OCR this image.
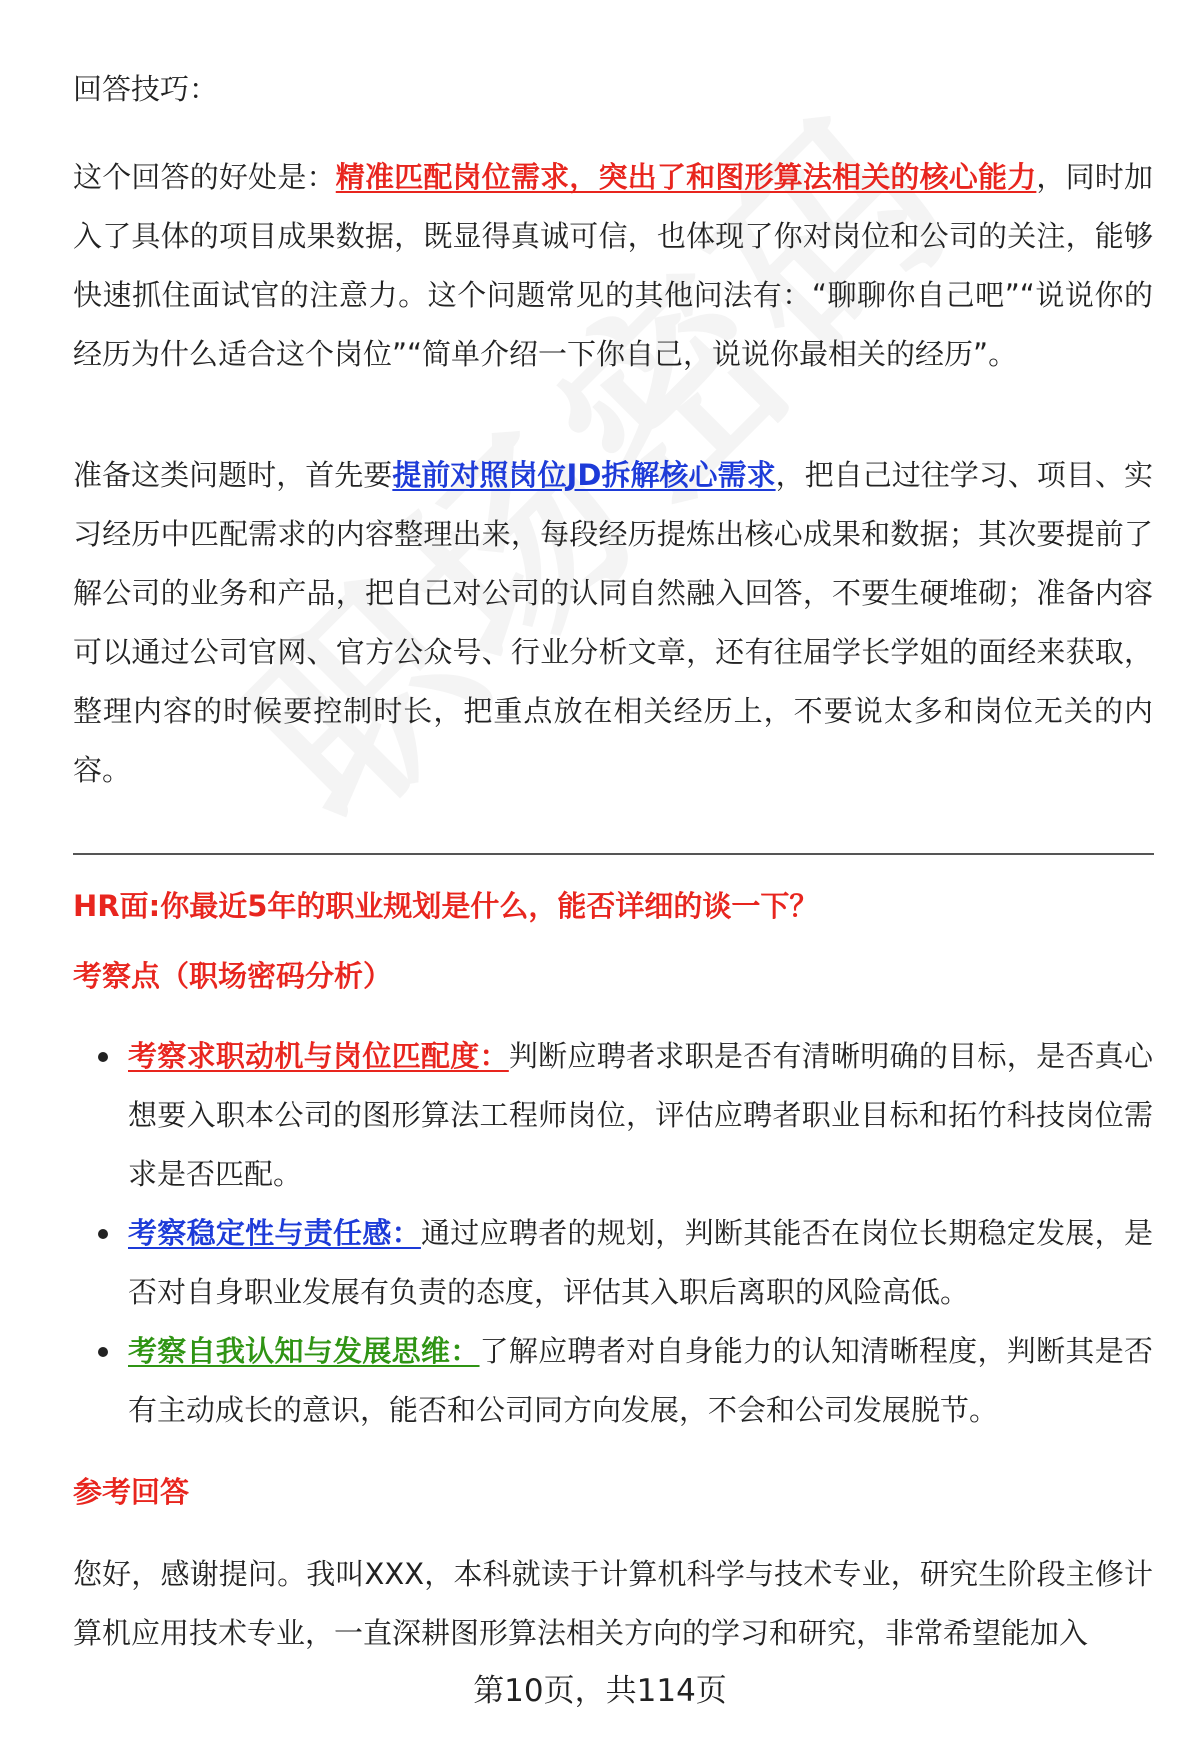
回答技巧：

这个回答的好处是：精准匹配岗位需求，突出了和图形算法相关的核心能力，同时加入了具体的项目成果数据，既显得真诚可信，也体现了你对岗位和公司的关注，能够快速抓住面试官的注意力。这个问题常见的其他问法有：“聊聊你自己吧”“说说你的经历为什么适合这个岗位”“简单介绍一下你自己，说说你最相关的经历”。

准备这类问题时，首先要提前对照岗位JD拆解核心需求，把自己过往学习、项目、实习经历中匹配需求的内容整理出来，每段经历提炼出核心成果和数据；其次要提前了解公司的业务和产品，把自己对公司的认同自然融入回答，不要生硬堆砌；准备内容可以通过公司官网、官方公众号、行业分析文章，还有往届学长学姐的面经来获取，整理内容的时候要控制时长，把重点放在相关经历上，不要说太多和岗位无关的内容。

HR面:你最近5年的职业规划是什么，能否详细的谈一下？

考察点（职场密码分析）

考察求职动机与岗位匹配度：判断应聘者求职是否有清晰明确的目标，是否真心想要入职本公司的图形算法工程师岗位，评估应聘者职业目标和拓竹科技岗位需求是否匹配。
考察稳定性与责任感：通过应聘者的规划，判断其能否在岗位长期稳定发展，是否对自身职业发展有负责的态度，评估其入职后离职的风险高低。
考察自我认知与发展思维：了解应聘者对自身能力的认知清晰程度，判断其是否有主动成长的意识，能否和公司同方向发展，不会和公司发展脱节。

参考回答

您好，感谢提问。我叫XXX，本科就读于计算机科学与技术专业，研究生阶段主修计算机应用技术专业，一直深耕图形算法相关方向的学习和研究，非常希望能加入

第10页，共114页
